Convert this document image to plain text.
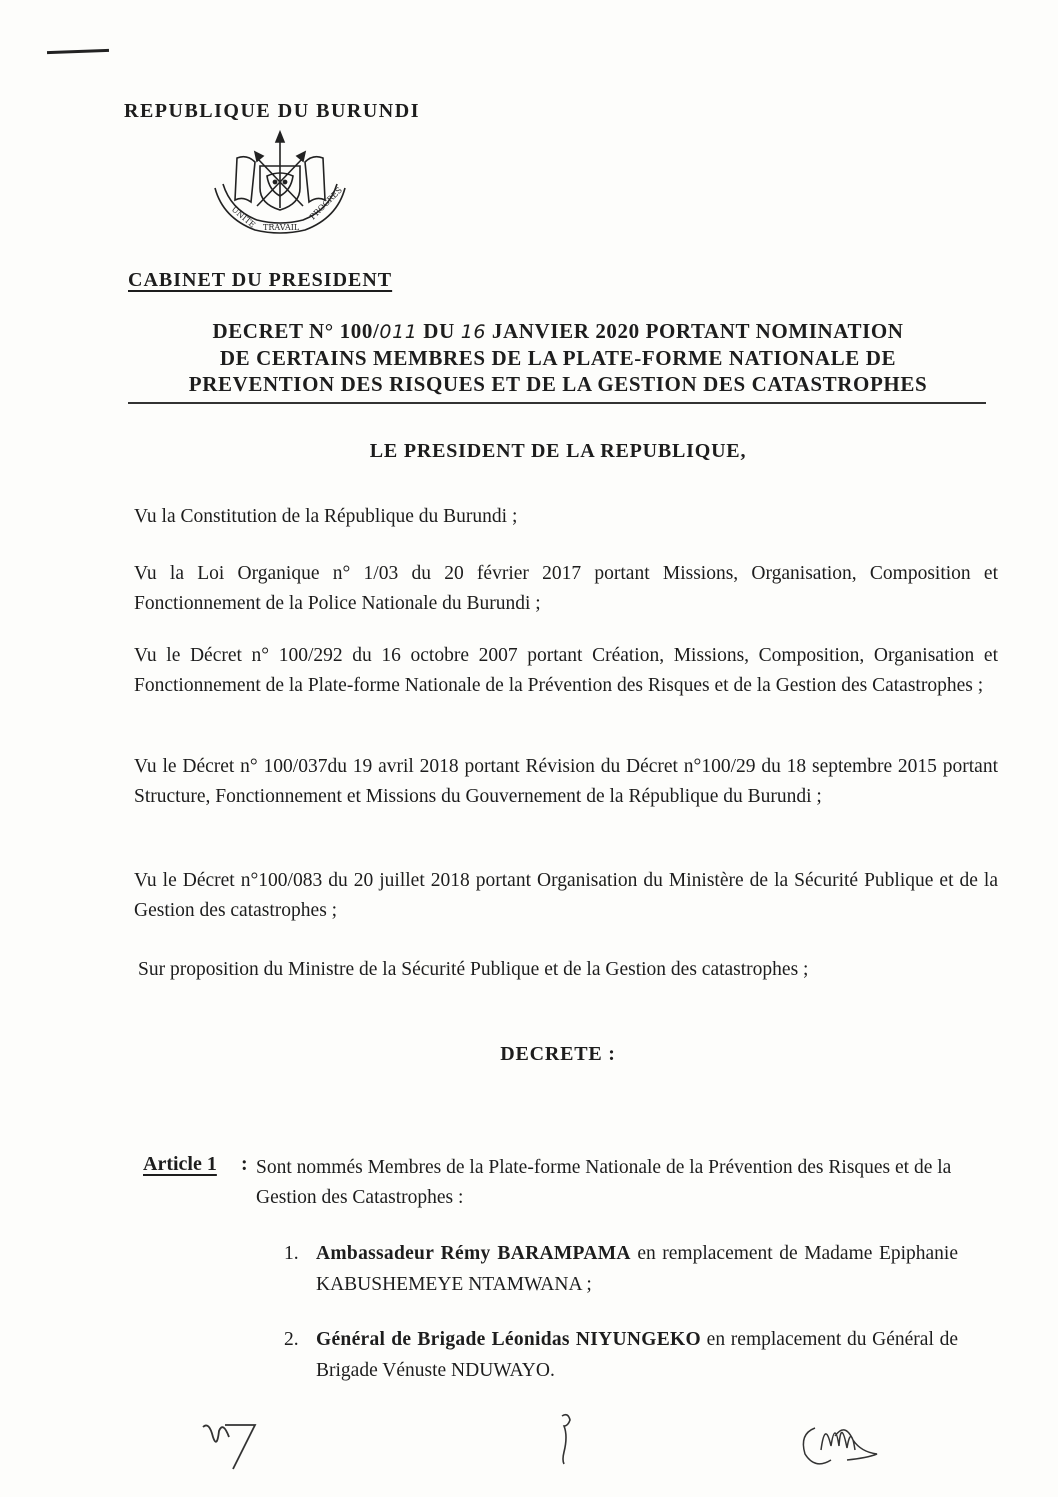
REPUBLIQUE DU BURUNDI
UNITE TRAVAIL
PROGRES
CABINET DU PRESIDENT
DECRET N° 100/011 DU 16 JANVIER 2020 PORTANT NOMINATION
DE CERTAINS MEMBRES DE LA PLATE-FORME NATIONALE DE
PREVENTION DES RISQUES ET DE LA GESTION DES CATASTROPHES
LE PRESIDENT DE LA REPUBLIQUE,
Vu la Constitution de la République du Burundi ;
Vu la Loi Organique n° 1/03 du 20 février 2017 portant Missions, Organisation, Composition et Fonctionnement de la Police Nationale du Burundi ;
Vu le Décret n° 100/292 du 16 octobre 2007 portant Création, Missions, Composition, Organisation et Fonctionnement de la Plate-forme Nationale de la Prévention des Risques et de la Gestion des Catastrophes ;
Vu le Décret n° 100/037du 19 avril 2018 portant Révision du Décret n°100/29 du 18 septembre 2015 portant Structure, Fonctionnement et Missions du Gouvernement de la République du Burundi ;
Vu le Décret n°100/083 du 20 juillet 2018 portant Organisation du Ministère de la Sécurité Publique et de la Gestion des catastrophes ;
Sur proposition du Ministre de la Sécurité Publique et de la Gestion des catastrophes ;
DECRETE :
Article 1 : Sont nommés Membres de la Plate-forme Nationale de la Prévention des Risques et de la Gestion des Catastrophes :
1. Ambassadeur Rémy BARAMPAMA en remplacement de Madame Epiphanie KABUSHEMEYE NTAMWANA ;
2. Général de Brigade Léonidas NIYUNGEKO en remplacement du Général de Brigade Vénuste NDUWAYO.
